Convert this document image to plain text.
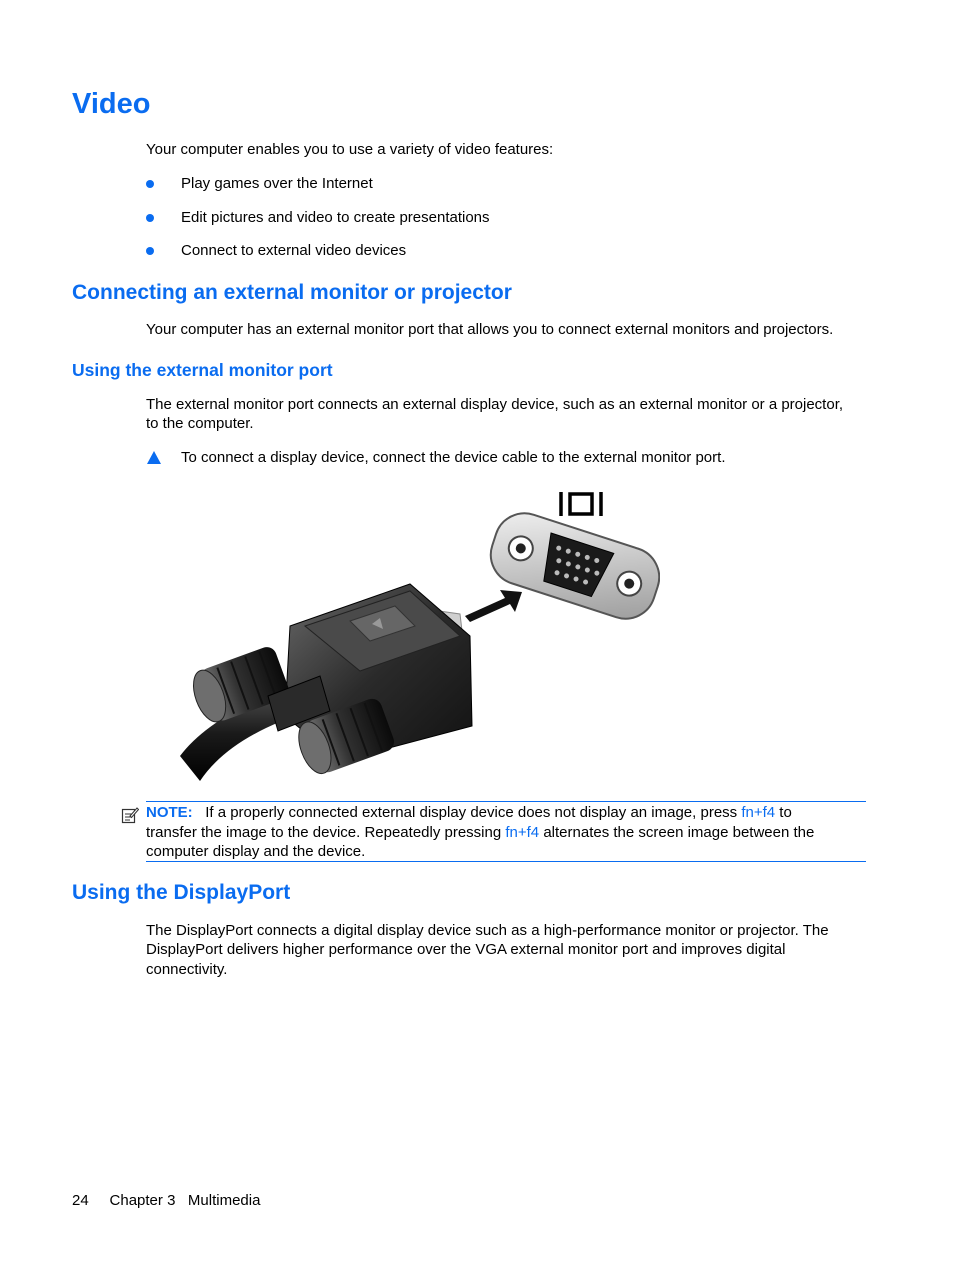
Video

Your computer enables you to use a variety of video features:

Play games over the Internet

Edit pictures and video to create presentations

Connect to external video devices

Connecting an external monitor or projector

Your computer has an external monitor port that allows you to connect external monitors and projectors.

Using the external monitor port

The external monitor port connects an external display device, such as an external monitor or a projector,

to the computer.

To connect a display device, connect the device cable to the external monitor port.

NOTE: If a properly connected external display device does not display an image, press fn+f4 to
transfer the image to the device. Repeatedly pressing fn+f4 alternates the screen image between the
computer display and the device.

Using the DisplayPort

The DisplayPort connects a digital display device such as a high-performance monitor or projector. The

DisplayPort delivers higher performance over the VGA external monitor port and improves digital

connectivity.

24 Chapter 3 Multimedia
